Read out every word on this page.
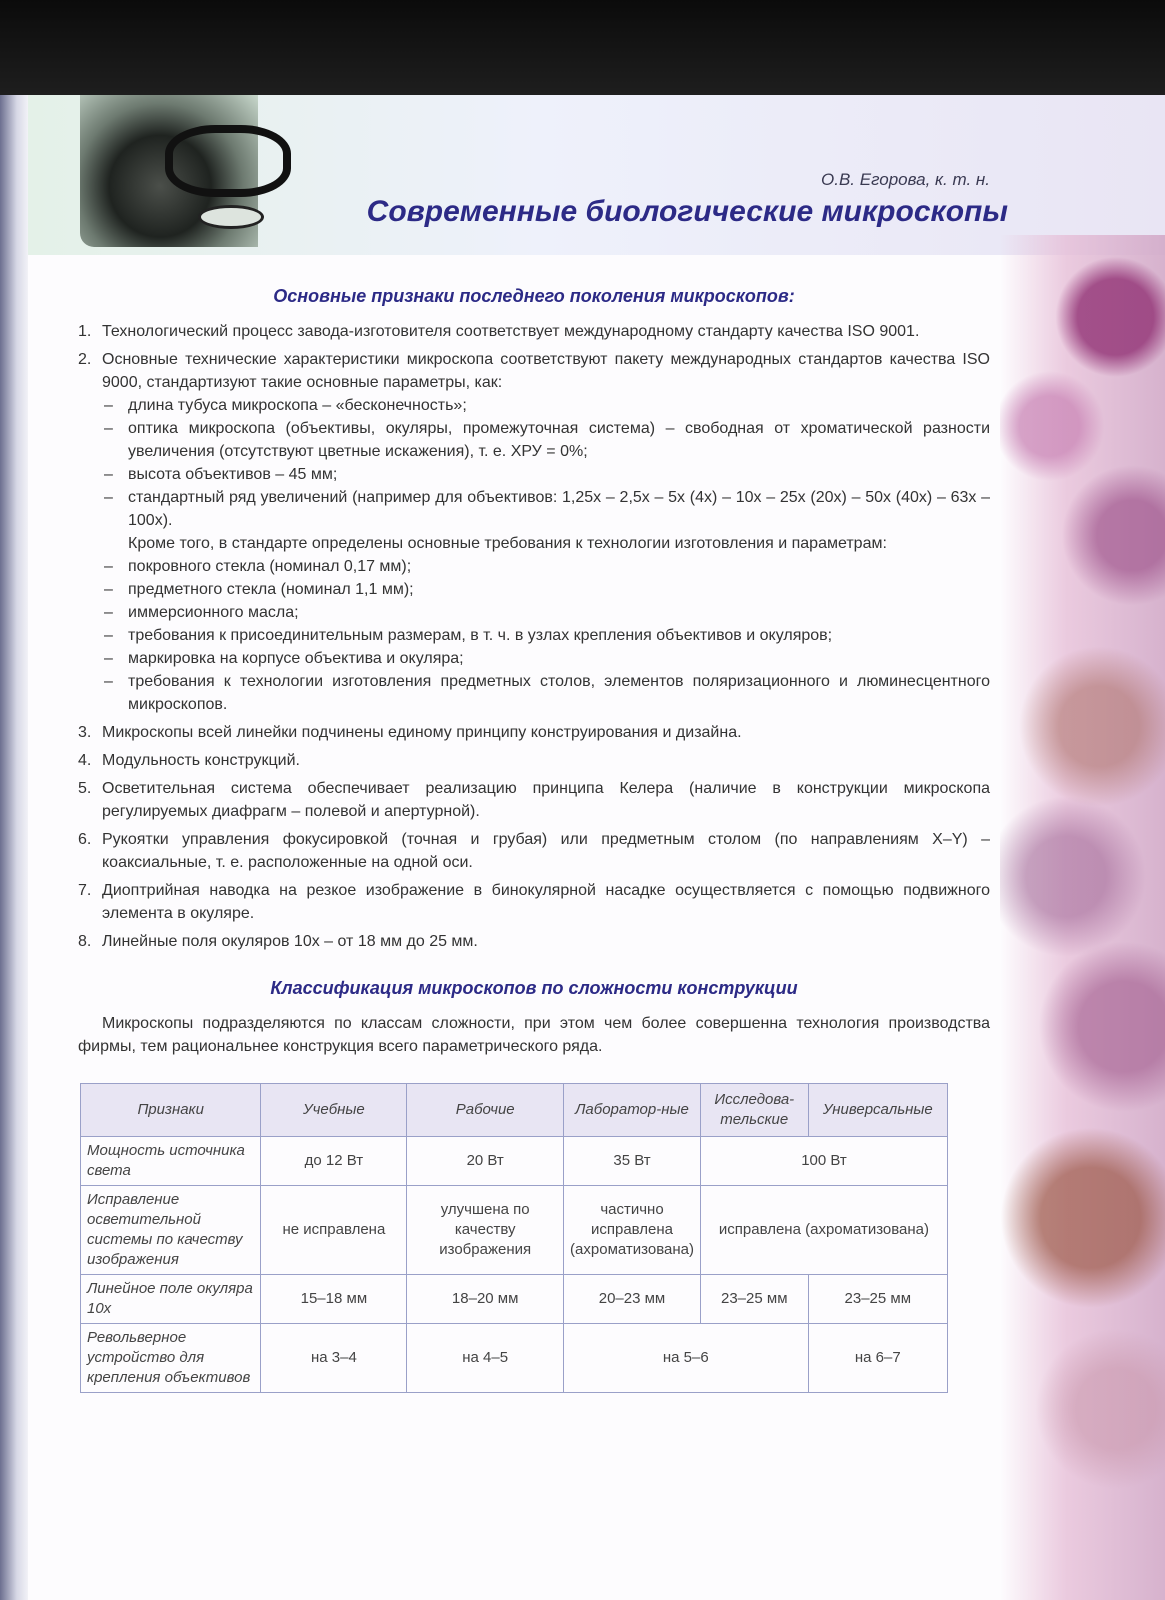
О.В. Егорова, к. т. н.
Современные биологические микроскопы
Основные признаки последнего поколения микроскопов:
1. Технологический процесс завода-изготовителя соответствует международному стандарту качества ISO 9001.
2. Основные технические характеристики микроскопа соответствуют пакету международных стандартов качества ISO 9000, стандартизуют такие основные параметры, как:
– длина тубуса микроскопа – «бесконечность»;
– оптика микроскопа (объективы, окуляры, промежуточная система) – свободная от хроматической разности увеличения (отсутствуют цветные искажения), т. е. ХРУ = 0%;
– высота объективов – 45 мм;
– стандартный ряд увеличений (например для объективов: 1,25х – 2,5х – 5х (4х) – 10х – 25х (20х) – 50х (40х) – 63х – 100х).
Кроме того, в стандарте определены основные требования к технологии изготовления и параметрам:
– покровного стекла (номинал 0,17 мм);
– предметного стекла (номинал 1,1 мм);
– иммерсионного масла;
– требования к присоединительным размерам, в т. ч. в узлах крепления объективов и окуляров;
– маркировка на корпусе объектива и окуляра;
– требования к технологии изготовления предметных столов, элементов поляризационного и люминесцентного микроскопов.
3. Микроскопы всей линейки подчинены единому принципу конструирования и дизайна.
4. Модульность конструкций.
5. Осветительная система обеспечивает реализацию принципа Келера (наличие в конструкции микроскопа регулируемых диафрагм – полевой и апертурной).
6. Рукоятки управления фокусировкой (точная и грубая) или предметным столом (по направлениям X–Y) – коаксиальные, т. е. расположенные на одной оси.
7. Диоптрийная наводка на резкое изображение в бинокулярной насадке осуществляется с помощью подвижного элемента в окуляре.
8. Линейные поля окуляров 10х – от 18 мм до 25 мм.
Классификация микроскопов по сложности конструкции

Микроскопы подразделяются по классам сложности, при этом чем более совершенна технология производства фирмы, тем рациональнее конструкция всего параметрического ряда.

Признаки	Учебные	Рабочие	Лаборатор-ные	Исследова-тельские	Универсальные
Мощность источника света	до 12 Вт	20 Вт	35 Вт	100 Вт	
Исправление осветительной системы по качеству изображения	не исправлена	улучшена по качеству изображения	частично исправлена (ахроматизована)	исправлена (ахроматизована)	
Линейное поле окуляра 10х	15–18 мм	18–20 мм	20–23 мм	23–25 мм	23–25 мм
Револьверное устройство для крепления объективов	на 3–4	на 4–5	на 5–6		на 6–7
